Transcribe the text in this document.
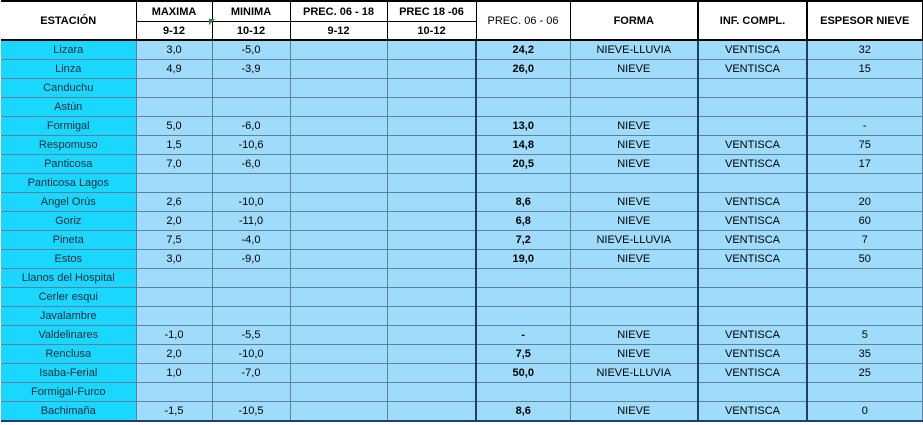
ESTACIÓN	MAXIMA	MINIMA	PREC. 06 - 18	PREC 18 -06	PREC. 06 - 06	FORMA	INF. COMPL.	ESPESOR NIEVE
	9-12	10-12	9-12	10-12				
Lizara	3,0	-5,0			24,2	NIEVE-LLUVIA	VENTISCA	32
Linza	4,9	-3,9			26,0	NIEVE	VENTISCA	15
Canduchu								
Astún								
Formigal	5,0	-6,0			13,0	NIEVE		-
Respomuso	1,5	-10,6			14,8	NIEVE	VENTISCA	75
Panticosa	7,0	-6,0			20,5	NIEVE	VENTISCA	17
Panticosa Lagos								
Angel Orús	2,6	-10,0			8,6	NIEVE	VENTISCA	20
Goriz	2,0	-11,0			6,8	NIEVE	VENTISCA	60
Pineta	7,5	-4,0			7,2	NIEVE-LLUVIA	VENTISCA	7
Estos	3,0	-9,0			19,0	NIEVE	VENTISCA	50
Llanos del Hospital								
Cerler esqui								
Javalambre								
Valdelinares	-1,0	-5,5			-	NIEVE	VENTISCA	5
Renclusa	2,0	-10,0			7,5	NIEVE	VENTISCA	35
Isaba-Ferial	1,0	-7,0			50,0	NIEVE-LLUVIA	VENTISCA	25
Formigal-Furco								
Bachimaña	-1,5	-10,5			8,6	NIEVE	VENTISCA	0
